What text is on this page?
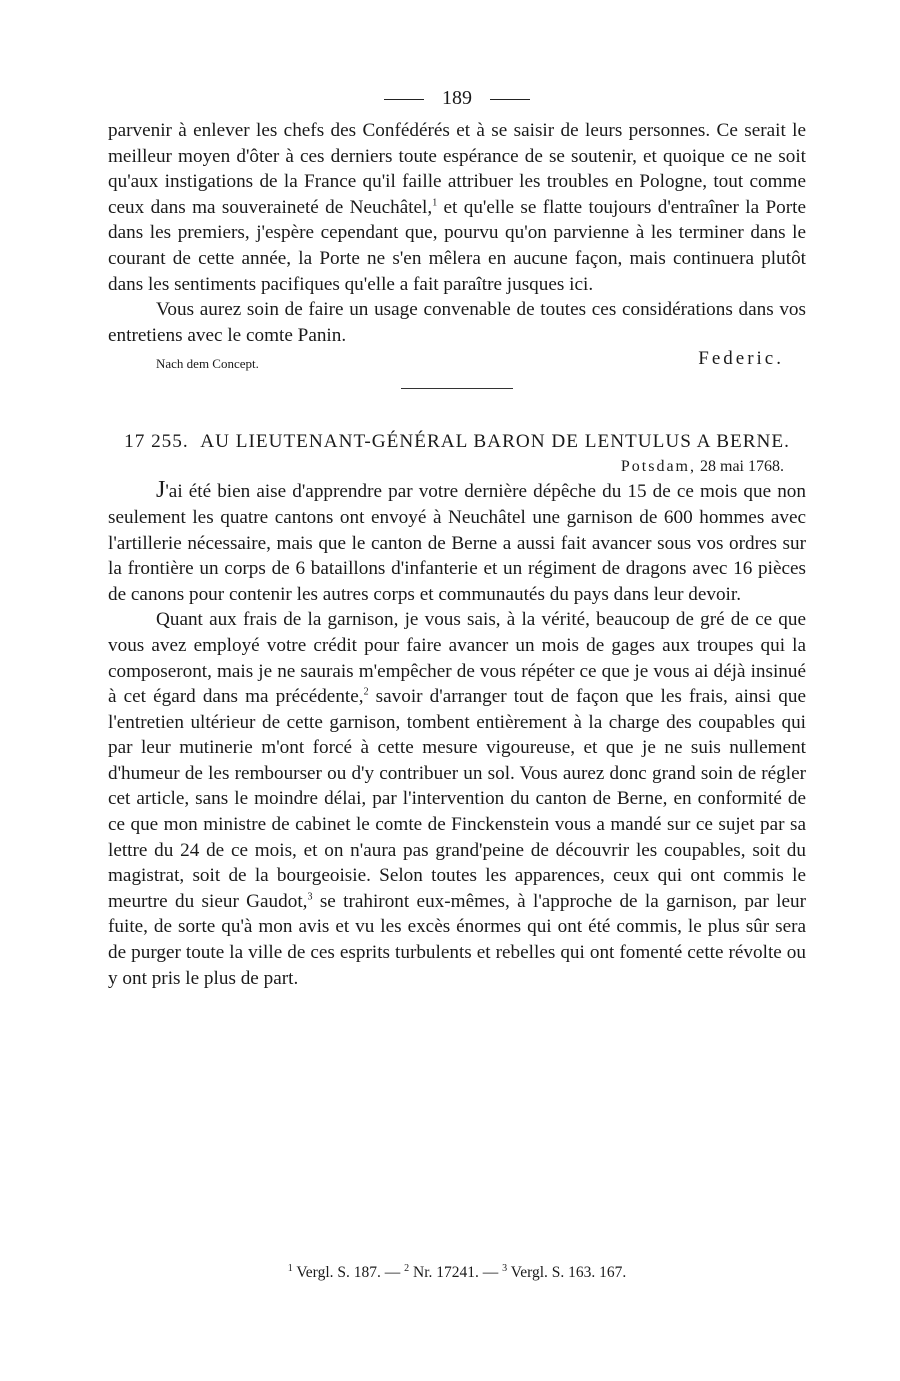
189

parvenir à enlever les chefs des Confédérés et à se saisir de leurs personnes. Ce serait le meilleur moyen d'ôter à ces derniers toute espérance de se soutenir, et quoique ce ne soit qu'aux instigations de la France qu'il faille attribuer les troubles en Pologne, tout comme ceux dans ma souveraineté de Neuchâtel,$^1$ et qu'elle se flatte toujours d'entraîner la Porte dans les premiers, j'espère cependant que, pourvu qu'on parvienne à les terminer dans le courant de cette année, la Porte ne s'en mêlera en aucune façon, mais continuera plutôt dans les sentiments pacifiques qu'elle a fait paraître jusques ici.

Vous aurez soin de faire un usage convenable de toutes ces considérations dans vos entretiens avec le comte Panin.

Nach dem Concept.	Federic.
17 255. AU LIEUTENANT-GÉNÉRAL BARON DE LENTULUS A BERNE.
Potsdam, 28 mai 1768.

J'ai été bien aise d'apprendre par votre dernière dépêche du 15 de ce mois que non seulement les quatre cantons ont envoyé à Neuchâtel une garnison de 600 hommes avec l'artillerie nécessaire, mais que le canton de Berne a aussi fait avancer sous vos ordres sur la frontière un corps de 6 bataillons d'infanterie et un régiment de dragons avec 16 pièces de canons pour contenir les autres corps et communautés du pays dans leur devoir.

Quant aux frais de la garnison, je vous sais, à la vérité, beaucoup de gré de ce que vous avez employé votre crédit pour faire avancer un mois de gages aux troupes qui la composeront, mais je ne saurais m'empêcher de vous répéter ce que je vous ai déjà insinué à cet égard dans ma précédente,$^2$ savoir d'arranger tout de façon que les frais, ainsi que l'entretien ultérieur de cette garnison, tombent entièrement à la charge des coupables qui par leur mutinerie m'ont forcé à cette mesure vigoureuse, et que je ne suis nullement d'humeur de les rembourser ou d'y contribuer un sol. Vous aurez donc grand soin de régler cet article, sans le moindre délai, par l'intervention du canton de Berne, en conformité de ce que mon ministre de cabinet le comte de Finckenstein vous a mandé sur ce sujet par sa lettre du 24 de ce mois, et on n'aura pas grand'peine de découvrir les coupables, soit du magistrat, soit de la bourgeoisie. Selon toutes les apparences, ceux qui ont commis le meurtre du sieur Gaudot,$^3$ se trahiront eux-mêmes, à l'approche de la garnison, par leur fuite, de sorte qu'à mon avis et vu les excès énormes qui ont été commis, le plus sûr sera de purger toute la ville de ces esprits turbulents et rebelles qui ont fomenté cette révolte ou y ont pris le plus de part.

$^1$ Vergl. S. 187. — $^2$ Nr. 17241. — $^3$ Vergl. S. 163. 167.
